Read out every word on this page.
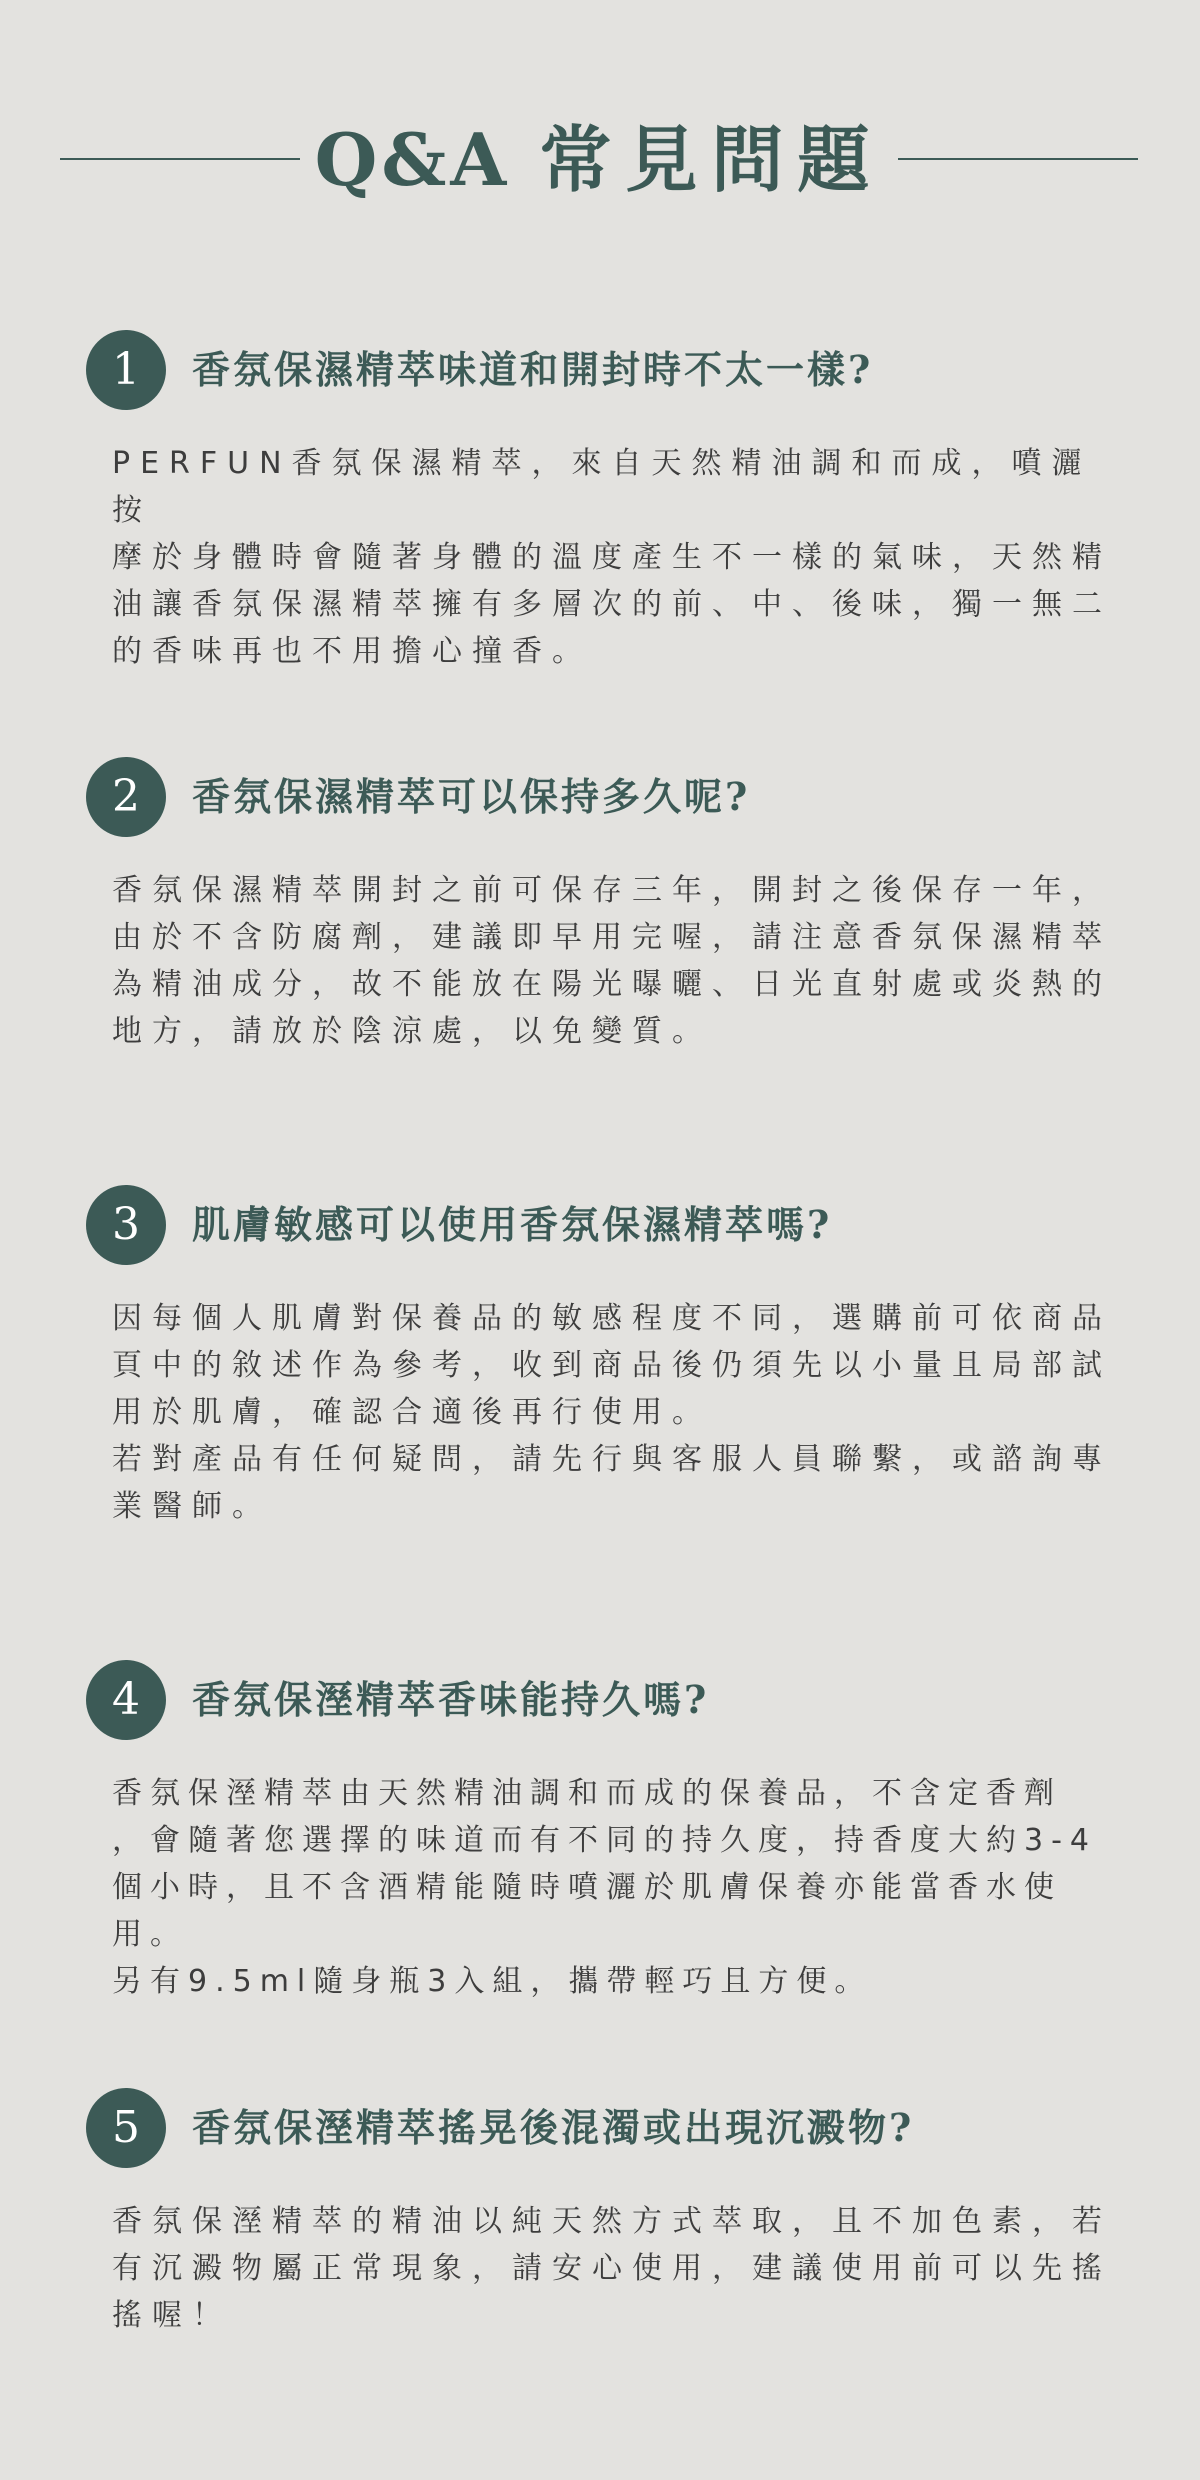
Q&A 常見問題
1	香氛保濕精萃味道和開封時不太一樣?

PERFUN香氛保濕精萃，來自天然精油調和而成，噴灑按
摩於身體時會隨著身體的溫度產生不一樣的氣味，天然精
油讓香氛保濕精萃擁有多層次的前、中、後味，獨一無二
的香味再也不用擔心撞香。

2	香氛保濕精萃可以保持多久呢?

香氛保濕精萃開封之前可保存三年，開封之後保存一年，
由於不含防腐劑，建議即早用完喔，請注意香氛保濕精萃
為精油成分，故不能放在陽光曝曬、日光直射處或炎熱的
地方，請放於陰涼處，以免變質。

3	肌膚敏感可以使用香氛保濕精萃嗎?

因每個人肌膚對保養品的敏感程度不同，選購前可依商品
頁中的敘述作為參考，收到商品後仍須先以小量且局部試
用於肌膚，確認合適後再行使用。
若對產品有任何疑問，請先行與客服人員聯繫，或諮詢專
業醫師。

4	香氛保溼精萃香味能持久嗎?

香氛保溼精萃由天然精油調和而成的保養品，不含定香劑
，會隨著您選擇的味道而有不同的持久度，持香度大約3-4
個小時，且不含酒精能隨時噴灑於肌膚保養亦能當香水使用。
另有9.5ml隨身瓶3入組，攜帶輕巧且方便。

5	香氛保溼精萃搖晃後混濁或出現沉澱物?

香氛保溼精萃的精油以純天然方式萃取，且不加色素，若
有沉澱物屬正常現象，請安心使用，建議使用前可以先搖
搖喔！
